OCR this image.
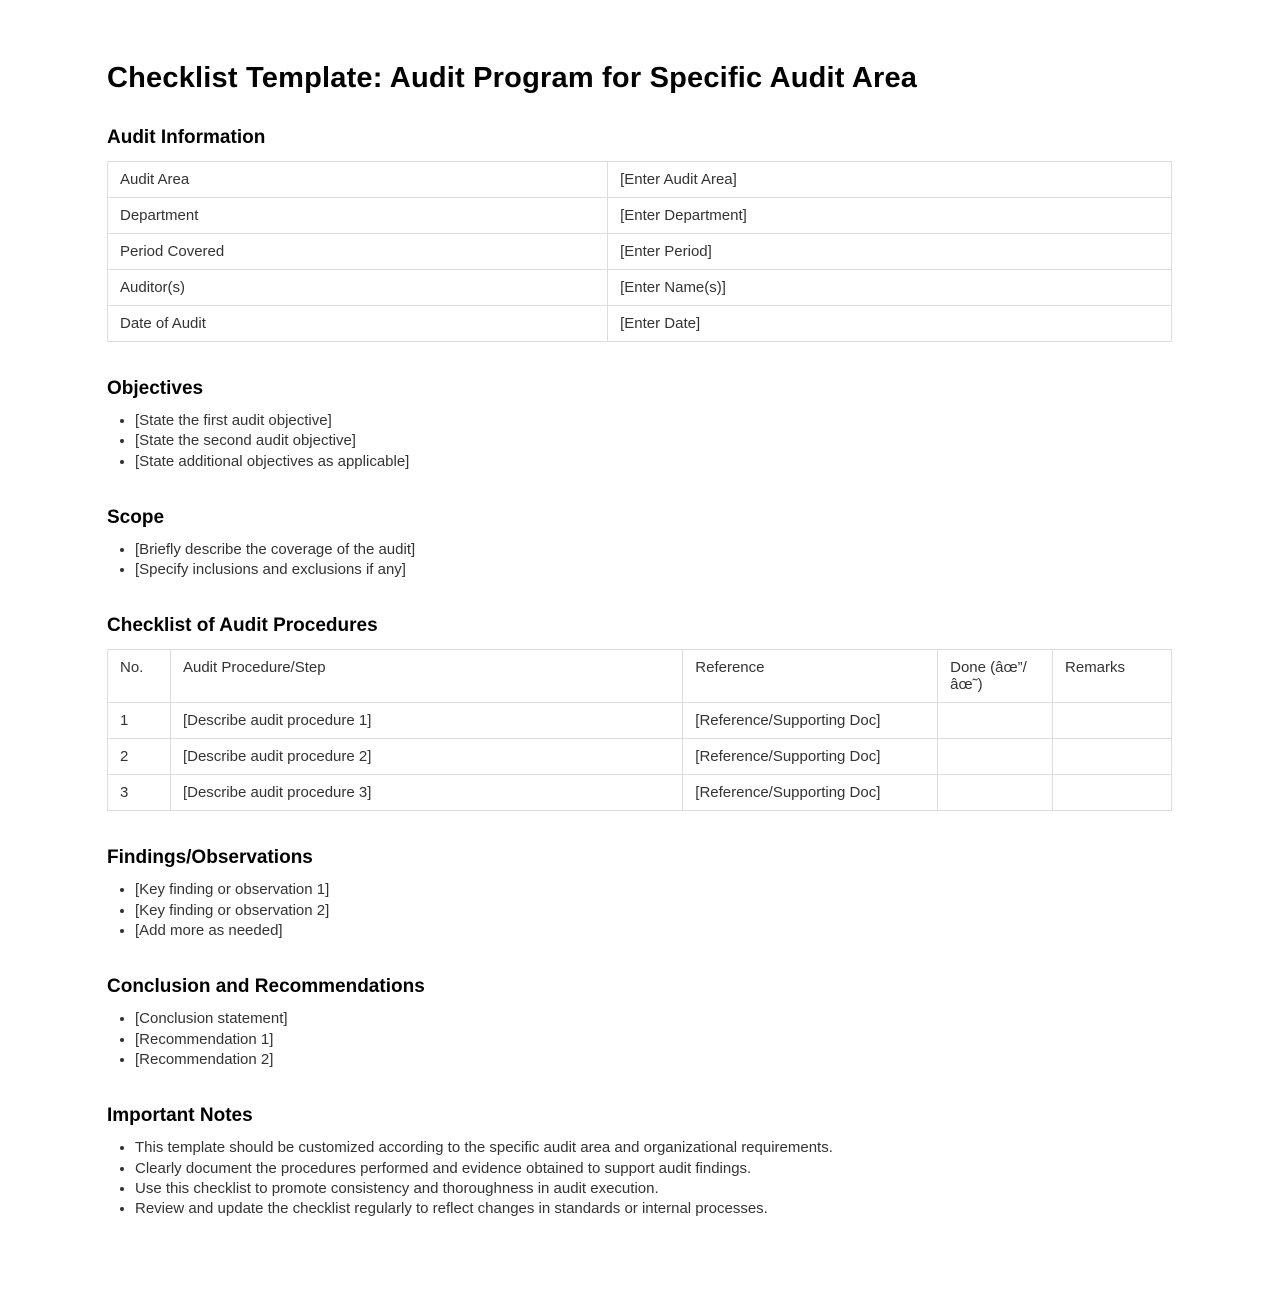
Checklist Template: Audit Program for Specific Audit Area
Audit Information
Audit Area	[Enter Audit Area]
Department	[Enter Department]
Period Covered	[Enter Period]
Auditor(s)	[Enter Name(s)]
Date of Audit	[Enter Date]
Objectives
• [State the first audit objective]
• [State the second audit objective]
• [State additional objectives as applicable]
Scope
• [Briefly describe the coverage of the audit]
• [Specify inclusions and exclusions if any]
Checklist of Audit Procedures
No.	Audit Procedure/Step	Reference	Done (âœ”/âœ˜)	Remarks
1	[Describe audit procedure 1]	[Reference/Supporting Doc]		
2	[Describe audit procedure 2]	[Reference/Supporting Doc]		
3	[Describe audit procedure 3]	[Reference/Supporting Doc]		
Findings/Observations
• [Key finding or observation 1]
• [Key finding or observation 2]
• [Add more as needed]
Conclusion and Recommendations
• [Conclusion statement]
• [Recommendation 1]
• [Recommendation 2]
Important Notes
• This template should be customized according to the specific audit area and organizational requirements.
• Clearly document the procedures performed and evidence obtained to support audit findings.
• Use this checklist to promote consistency and thoroughness in audit execution.
• Review and update the checklist regularly to reflect changes in standards or internal processes.
